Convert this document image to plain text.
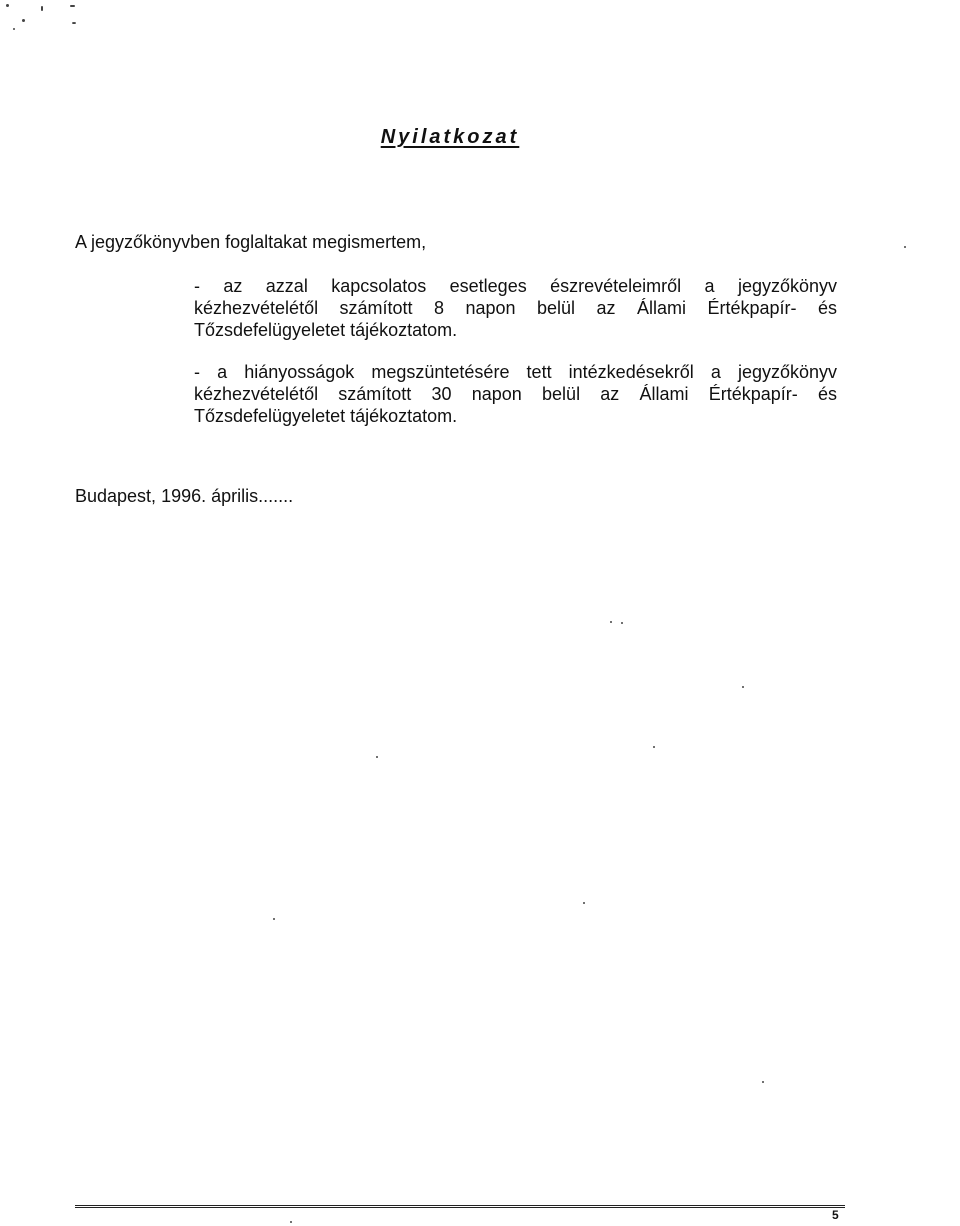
Nyilatkozat
A jegyzőkönyvben foglaltakat megismertem,
- az azzal kapcsolatos esetleges észrevételeimről a jegyzőkönyv
kézhezvételétől számított 8 napon belül az Állami Értékpapír- és
Tőzsdefelügyeletet tájékoztatom.
- a hiányosságok megszüntetésére tett intézkedésekről a jegyzőkönyv
kézhezvételétől számított 30 napon belül az Állami Értékpapír- és
Tőzsdefelügyeletet tájékoztatom.
Budapest, 1996. április.......
5
